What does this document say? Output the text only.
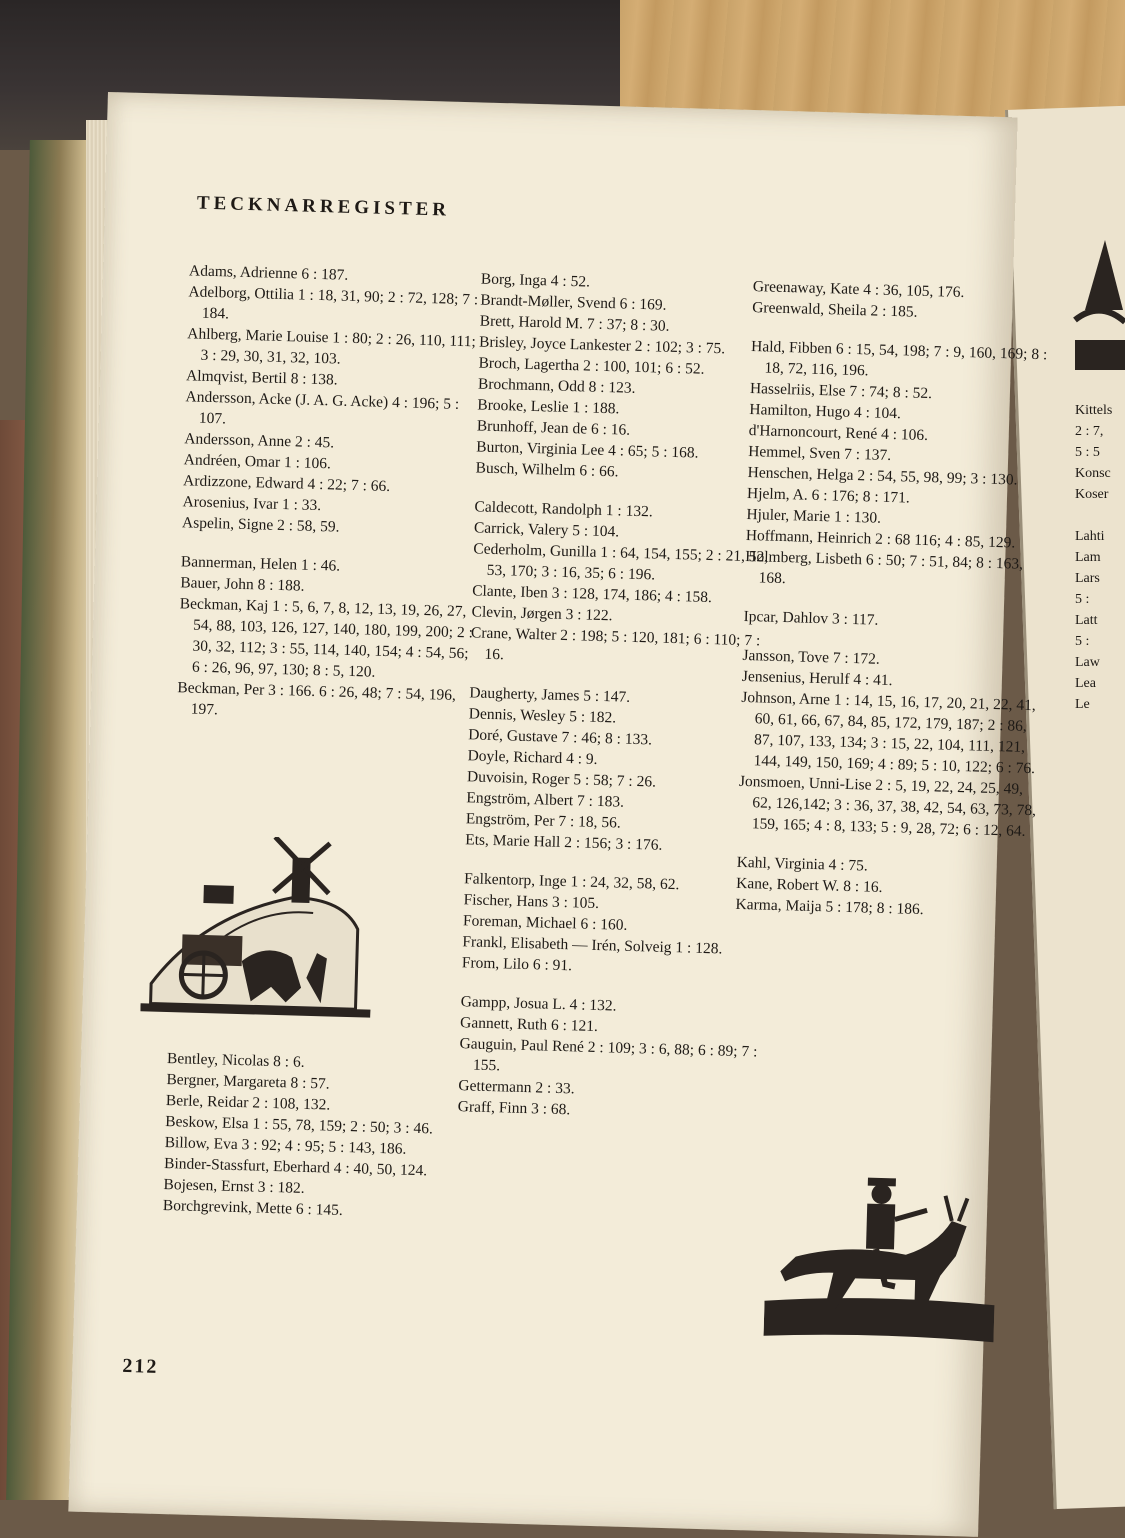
Kittels
2 : 7,
5 : 5
Konsc
Koser

Lahti
Lam
Lars
5 :
Latt
5 :
Law
Lea
Le
TECKNARREGISTER

Adams, Adrienne 6 : 187.

Adelborg, Ottilia 1 : 18, 31, 90; 2 : 72, 128; 7 : 184.

Ahlberg, Marie Louise 1 : 80; 2 : 26, 110, 111; 3 : 29, 30, 31, 32, 103.

Almqvist, Bertil 8 : 138.

Andersson, Acke (J. A. G. Acke) 4 : 196; 5 : 107.

Andersson, Anne 2 : 45.

Andréen, Omar 1 : 106.

Ardizzone, Edward 4 : 22; 7 : 66.

Arosenius, Ivar 1 : 33.

Aspelin, Signe 2 : 58, 59.

Bannerman, Helen 1 : 46.

Bauer, John 8 : 188.

Beckman, Kaj 1 : 5, 6, 7, 8, 12, 13, 19, 26, 27, 54, 88, 103, 126, 127, 140, 180, 199, 200; 2 : 30, 32, 112; 3 : 55, 114, 140, 154; 4 : 54, 56; 6 : 26, 96, 97, 130; 8 : 5, 120.

Beckman, Per 3 : 166. 6 : 26, 48; 7 : 54, 196, 197.

Bentley, Nicolas 8 : 6.

Bergner, Margareta 8 : 57.

Berle, Reidar 2 : 108, 132.

Beskow, Elsa 1 : 55, 78, 159; 2 : 50; 3 : 46.

Billow, Eva 3 : 92; 4 : 95; 5 : 143, 186.

Binder-Stassfurt, Eberhard 4 : 40, 50, 124.

Bojesen, Ernst 3 : 182.

Borchgrevink, Mette 6 : 145.

Borg, Inga 4 : 52.

Brandt-Møller, Svend 6 : 169.

Brett, Harold M. 7 : 37; 8 : 30.

Brisley, Joyce Lankester 2 : 102; 3 : 75.

Broch, Lagertha 2 : 100, 101; 6 : 52.

Brochmann, Odd 8 : 123.

Brooke, Leslie 1 : 188.

Brunhoff, Jean de 6 : 16.

Burton, Virginia Lee 4 : 65; 5 : 168.

Busch, Wilhelm 6 : 66.

Caldecott, Randolph 1 : 132.

Carrick, Valery 5 : 104.

Cederholm, Gunilla 1 : 64, 154, 155; 2 : 21, 52, 53, 170; 3 : 16, 35; 6 : 196.

Clante, Iben 3 : 128, 174, 186; 4 : 158.

Clevin, Jørgen 3 : 122.

Crane, Walter 2 : 198; 5 : 120, 181; 6 : 110; 7 : 16.

Daugherty, James 5 : 147.

Dennis, Wesley 5 : 182.

Doré, Gustave 7 : 46; 8 : 133.

Doyle, Richard 4 : 9.

Duvoisin, Roger 5 : 58; 7 : 26.

Engström, Albert 7 : 183.

Engström, Per 7 : 18, 56.

Ets, Marie Hall 2 : 156; 3 : 176.

Falkentorp, Inge 1 : 24, 32, 58, 62.

Fischer, Hans 3 : 105.

Foreman, Michael 6 : 160.

Frankl, Elisabeth — Irén, Solveig 1 : 128.

From, Lilo 6 : 91.

Gampp, Josua L. 4 : 132.

Gannett, Ruth 6 : 121.

Gauguin, Paul René 2 : 109; 3 : 6, 88; 6 : 89; 7 : 155.

Gettermann 2 : 33.

Graff, Finn 3 : 68.

Greenaway, Kate 4 : 36, 105, 176.

Greenwald, Sheila 2 : 185.

Hald, Fibben 6 : 15, 54, 198; 7 : 9, 160, 169; 8 : 18, 72, 116, 196.

Hasselriis, Else 7 : 74; 8 : 52.

Hamilton, Hugo 4 : 104.

d'Harnoncourt, René 4 : 106.

Hemmel, Sven 7 : 137.

Henschen, Helga 2 : 54, 55, 98, 99; 3 : 130.

Hjelm, A. 6 : 176; 8 : 171.

Hjuler, Marie 1 : 130.

Hoffmann, Heinrich 2 : 68 116; 4 : 85, 129.

Holmberg, Lisbeth 6 : 50; 7 : 51, 84; 8 : 163, 168.

Ipcar, Dahlov 3 : 117.

Jansson, Tove 7 : 172.

Jensenius, Herulf 4 : 41.

Johnson, Arne 1 : 14, 15, 16, 17, 20, 21, 22, 41, 60, 61, 66, 67, 84, 85, 172, 179, 187; 2 : 86, 87, 107, 133, 134; 3 : 15, 22, 104, 111, 121, 144, 149, 150, 169; 4 : 89; 5 : 10, 122; 6 : 76.

Jonsmoen, Unni-Lise 2 : 5, 19, 22, 24, 25, 49, 62, 126,142; 3 : 36, 37, 38, 42, 54, 63, 73, 78, 159, 165; 4 : 8, 133; 5 : 9, 28, 72; 6 : 12, 64.

Kahl, Virginia 4 : 75.

Kane, Robert W. 8 : 16.

Karma, Maija 5 : 178; 8 : 186.

212
